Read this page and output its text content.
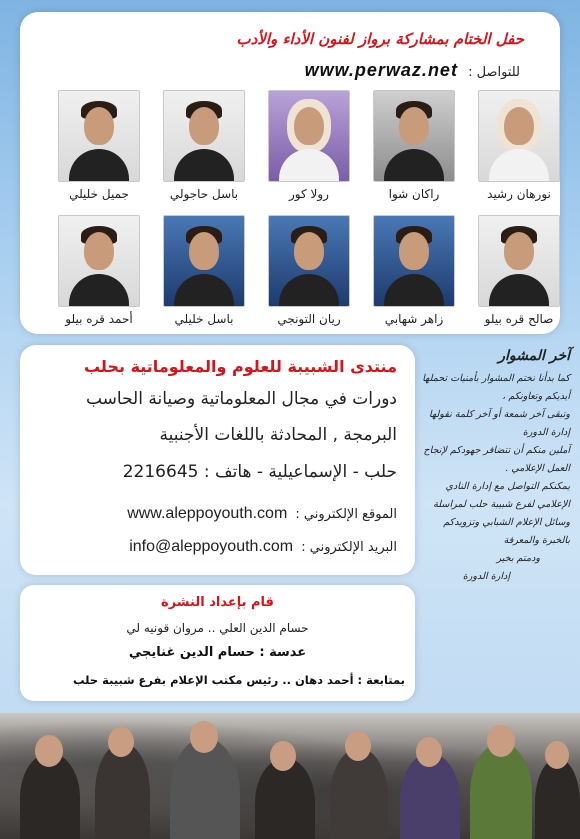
حفل الختام بمشاركة برواز لفنون الأداء والأدب
للتواصل : www.perwaz.net
نورهان رشيد
راكان شوا
رولا كور
باسل حاجولي
جميل خليلي
صالح قره بيلو
زاهر شهابي
ريان التونجي
باسل خليلي
أحمد قره بيلو
منتدى الشبيبة للعلوم والمعلوماتية بحلب
دورات في مجال المعلوماتية وصيانة الحاسب
البرمجة , المحادثة باللغات الأجنبية
حلب - الإسماعيلية - هاتف : 2216645
الموقع الإلكتروني : www.aleppoyouth.com
البريد الإلكتروني : info@aleppoyouth.com
قام بإعداد النشرة
حسام الدين العلي .. مروان قونيه لي
عدسة : حسام الدين غنايجي
بمتابعة : أحمد دهان .. رئيس مكتب الإعلام بفرع شبيبة حلب
آخر المشوار

كما بدأنا نختم المشوار بأمنيات تحملها أيديكم وتعاونكم ،

وتبقى آخر شمعة أو آخر كلمة نقولها إدارة الدورة

آملين منكم أن تتضافر جهودكم لإنجاح العمل الإعلامي .

يمكنكم التواصل مع إدارة النادي الإعلامي لفرع شبيبة حلب لمراسلة وسائل الإعلام الشبابي وتزويدكم بالخبرة والمعرفة

ودمتم بخير

إدارة الدورة
